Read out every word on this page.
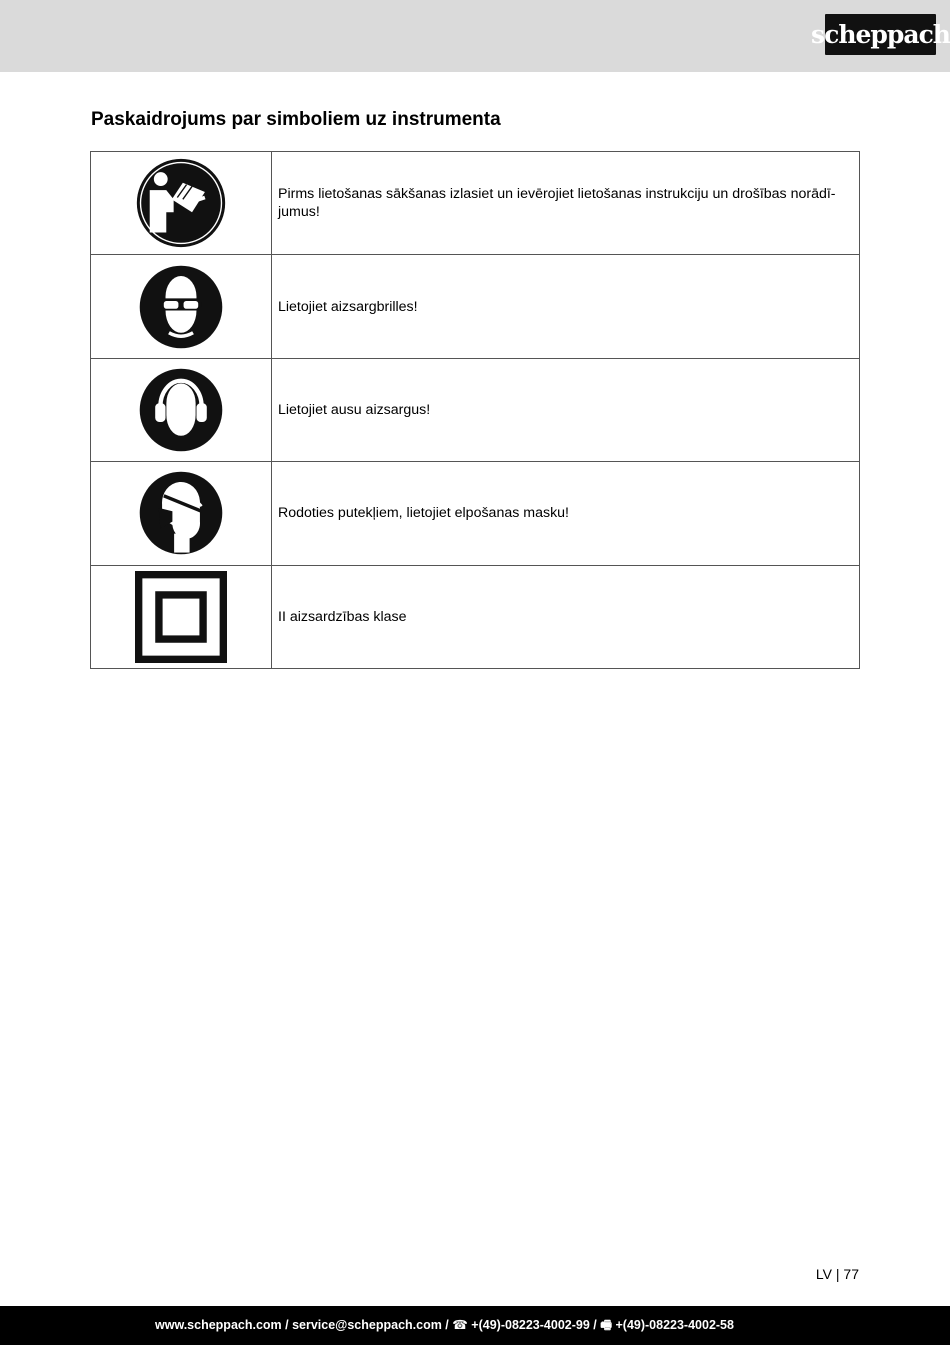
scheppach
Paskaidrojums par simboliem uz instrumenta
	Pirms lietošanas sākšanas izlasiet un ievērojiet lietošanas instrukciju un drošības norādī-jumus!

	Lietojiet aizsargbrilles!

	Lietojiet ausu aizsargus!

	Rodoties putekļiem, lietojiet elpošanas masku!

	II aizsardzības klase
LV | 77
www.scheppach.com / service@scheppach.com / ☎ +(49)-08223-4002-99 / 🖷 +(49)-08223-4002-58
